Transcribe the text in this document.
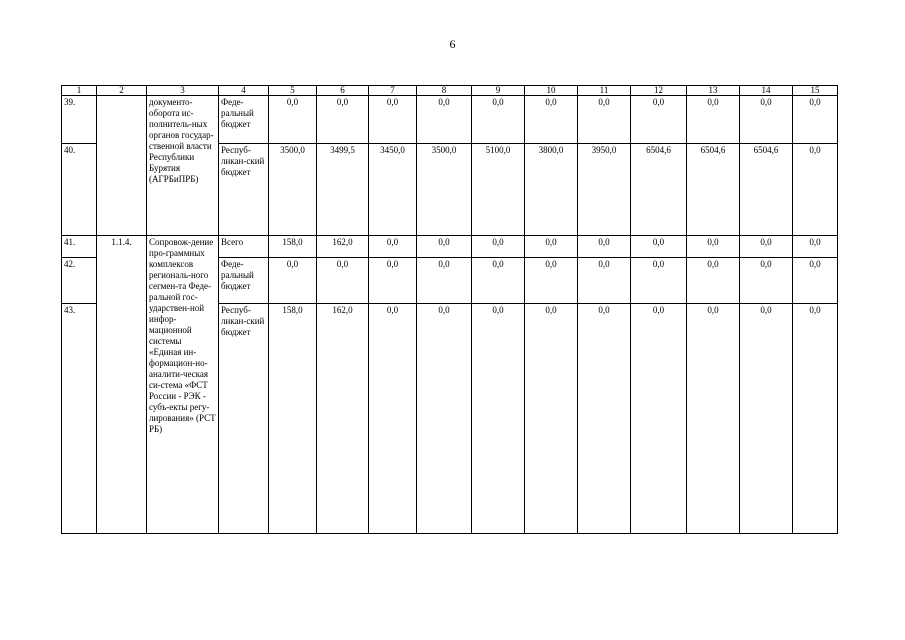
6
1	2	3	4	5	6	7	8	9	10	11	12	13	14	15
39.		документо-оборота ис-полнитель-ных органов государ-ственной власти Республики Бурятия (АГРБиПРБ)	Феде-ральный бюджет	0,0	0,0	0,0	0,0	0,0	0,0	0,0	0,0	0,0	0,0	0,0
40.			Респуб-ликан-ский бюджет	3500,0	3499,5	3450,0	3500,0	5100,0	3800,0	3950,0	6504,6	6504,6	6504,6	0,0
41.	1.1.4.	Сопровож-дение про-граммных комплексов региональ-ного сегмен-та Феде-ральной гос-ударствен-ной инфор-мационной системы «Единая ин-формацион-но-аналити-ческая си-стема «ФСТ России - РЭК - субъ-екты регу-лирования» (РСТ РБ)	Всего	158,0	162,0	0,0	0,0	0,0	0,0	0,0	0,0	0,0	0,0	0,0
42.			Феде-ральный бюджет	0,0	0,0	0,0	0,0	0,0	0,0	0,0	0,0	0,0	0,0	0,0
43.			Респуб-ликан-ский бюджет	158,0	162,0	0,0	0,0	0,0	0,0	0,0	0,0	0,0	0,0	0,0
